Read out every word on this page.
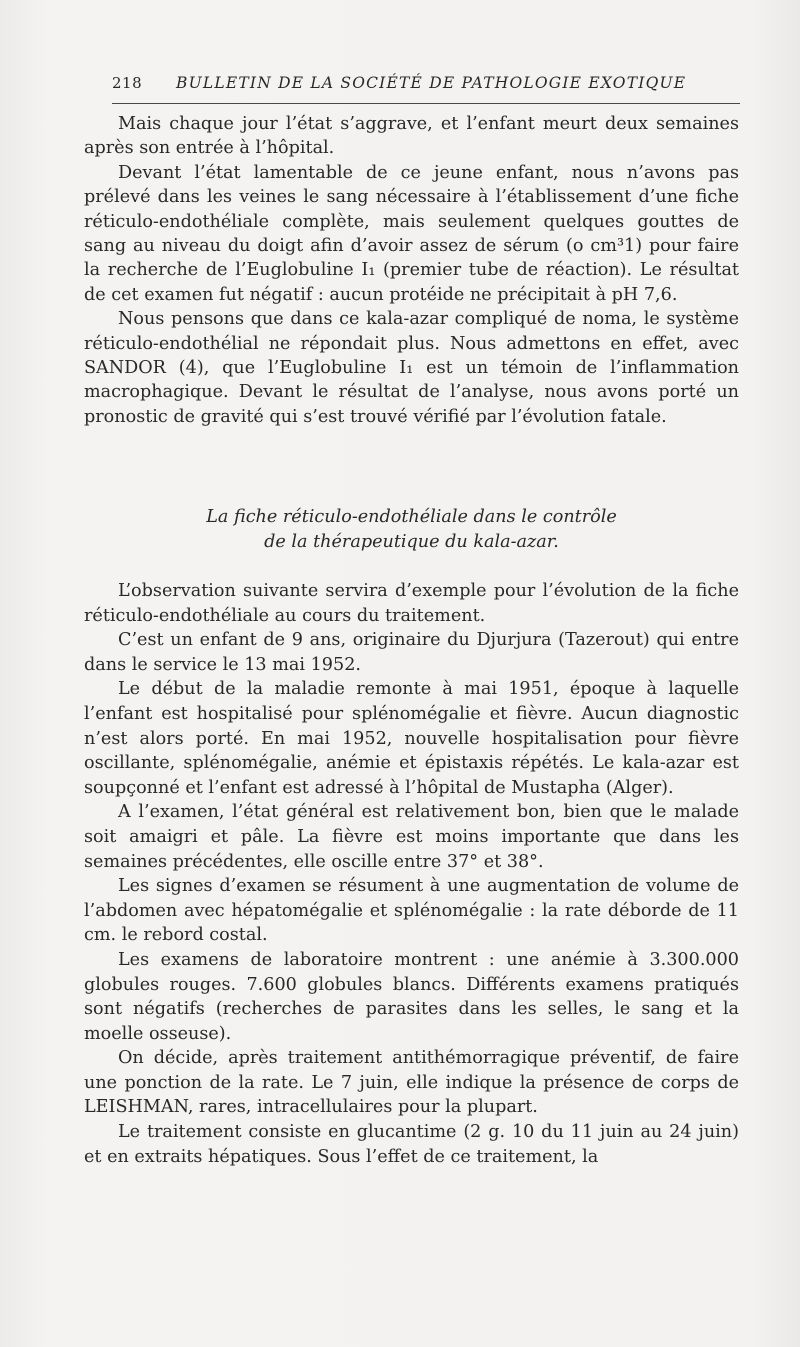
218 BULLETIN DE LA SOCIÉTÉ DE PATHOLOGIE EXOTIQUE

Mais chaque jour l’état s’aggrave, et l’enfant meurt deux semaines après son entrée à l’hôpital.

Devant l’état lamentable de ce jeune enfant, nous n’avons pas prélevé dans les veines le sang nécessaire à l’établissement d’une fiche réticulo-endothéliale complète, mais seulement quelques gouttes de sang au niveau du doigt afin d’avoir assez de sérum (o cm³1) pour faire la recherche de l’Euglobuline I₁ (premier tube de réaction). Le résultat de cet examen fut négatif : aucun protéide ne précipitait à pH 7,6.

Nous pensons que dans ce kala-azar compliqué de noma, le système réticulo-endothélial ne répondait plus. Nous admettons en effet, avec SANDOR (4), que l’Euglobuline I₁ est un témoin de l’inflammation macrophagique. Devant le résultat de l’analyse, nous avons porté un pronostic de gravité qui s’est trouvé vérifié par l’évolution fatale.

La fiche réticulo-endothéliale dans le contrôle
de la thérapeutique du kala-azar.

L’observation suivante servira d’exemple pour l’évolution de la fiche réticulo-endothéliale au cours du traitement.

C’est un enfant de 9 ans, originaire du Djurjura (Tazerout) qui entre dans le service le 13 mai 1952.

Le début de la maladie remonte à mai 1951, époque à laquelle l’enfant est hospitalisé pour splénomégalie et fièvre. Aucun diagnostic n’est alors porté. En mai 1952, nouvelle hospitalisation pour fièvre oscillante, splénomégalie, anémie et épistaxis répétés. Le kala-azar est soupçonné et l’enfant est adressé à l’hôpital de Mustapha (Alger).

A l’examen, l’état général est relativement bon, bien que le malade soit amaigri et pâle. La fièvre est moins importante que dans les semaines précédentes, elle oscille entre 37° et 38°.

Les signes d’examen se résument à une augmentation de volume de l’abdomen avec hépatomégalie et splénomégalie : la rate déborde de 11 cm. le rebord costal.

Les examens de laboratoire montrent : une anémie à 3.300.000 globules rouges. 7.600 globules blancs. Différents examens pratiqués sont négatifs (recherches de parasites dans les selles, le sang et la moelle osseuse).

On décide, après traitement antithémorragique préventif, de faire une ponction de la rate. Le 7 juin, elle indique la présence de corps de LEISHMAN, rares, intracellulaires pour la plupart.

Le traitement consiste en glucantime (2 g. 10 du 11 juin au 24 juin) et en extraits hépatiques. Sous l’effet de ce traitement, la
